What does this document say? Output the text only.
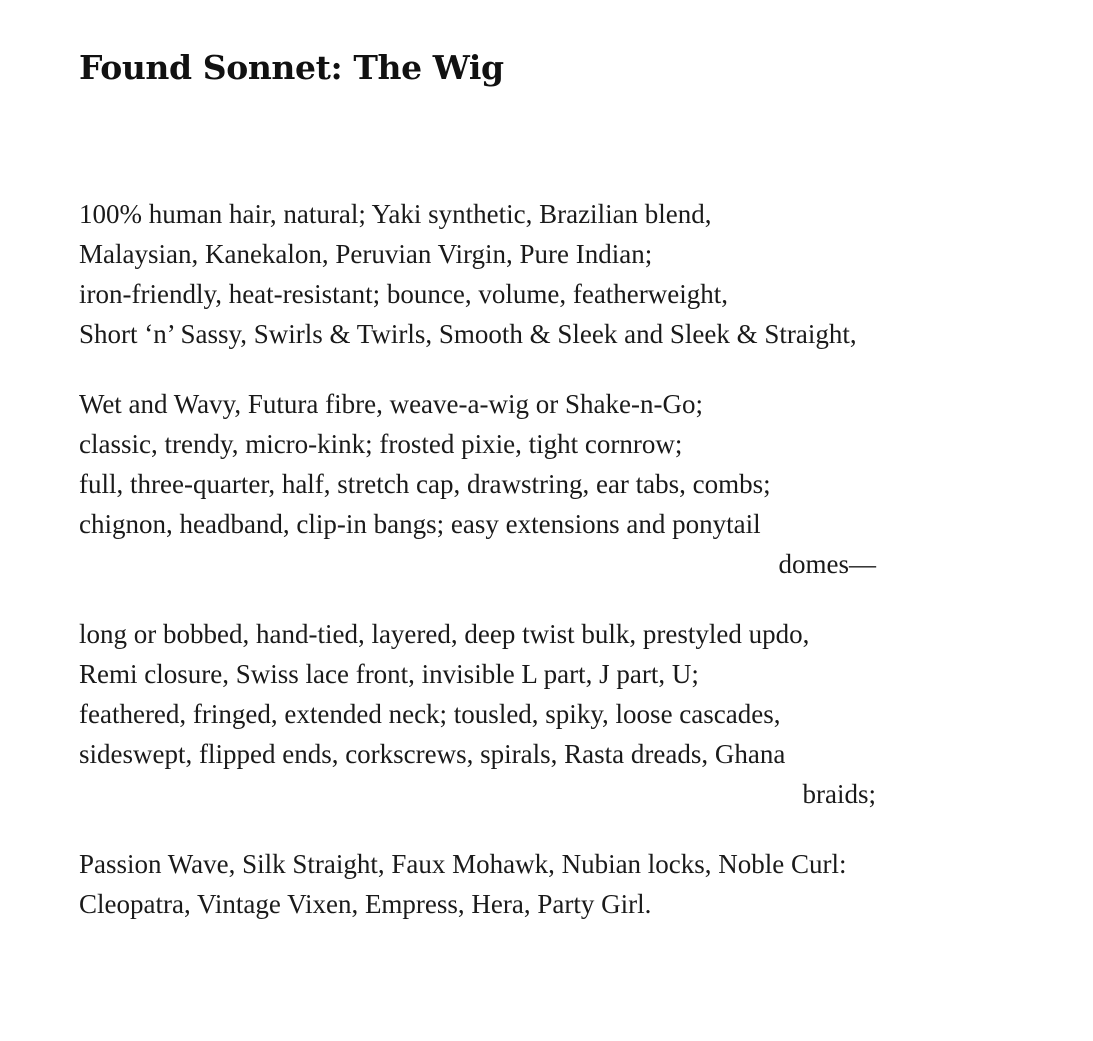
Found Sonnet: The Wig
100% human hair, natural; Yaki synthetic, Brazilian blend,
Malaysian, Kanekalon, Peruvian Virgin, Pure Indian;
iron-friendly, heat-resistant; bounce, volume, featherweight,
Short ‘n’ Sassy, Swirls & Twirls, Smooth & Sleek and Sleek & Straight,
Wet and Wavy, Futura fibre, weave-a-wig or Shake-n-Go;
classic, trendy, micro-kink; frosted pixie, tight cornrow;
full, three-quarter, half, stretch cap, drawstring, ear tabs, combs;
chignon, headband, clip-in bangs; easy extensions and ponytail
domes—
long or bobbed, hand-tied, layered, deep twist bulk, prestyled updo,
Remi closure, Swiss lace front, invisible L part, J part, U;
feathered, fringed, extended neck; tousled, spiky, loose cascades,
sideswept, flipped ends, corkscrews, spirals, Rasta dreads, Ghana
braids;
Passion Wave, Silk Straight, Faux Mohawk, Nubian locks, Noble Curl:
Cleopatra, Vintage Vixen, Empress, Hera, Party Girl.
